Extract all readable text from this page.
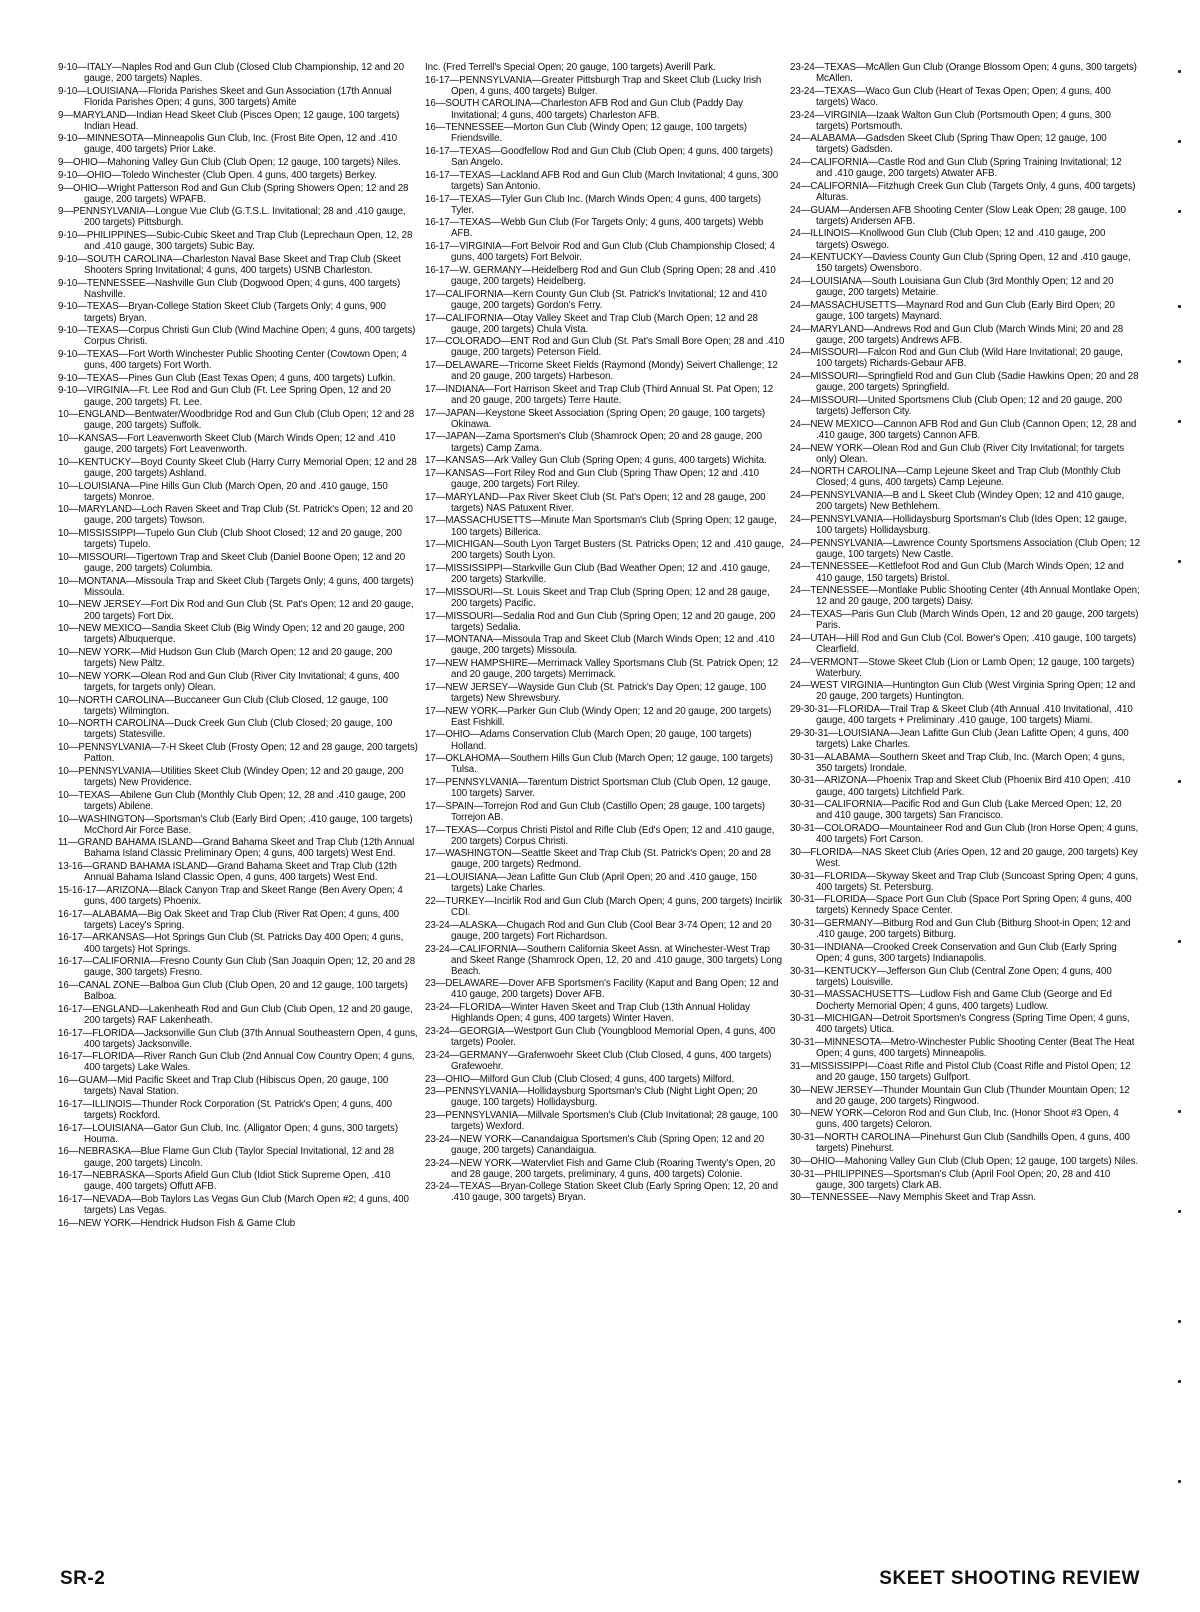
9-10—ITALY—Naples Rod and Gun Club (Closed Club Championship, 12 and 20 gauge, 200 targets) Naples.
9-10—LOUISIANA—Florida Parishes Skeet and Gun Association (17th Annual Florida Parishes Open; 4 guns, 300 targets) Amite
9—MARYLAND—Indian Head Skeet Club (Pisces Open; 12 gauge, 100 targets) Indian Head.
9-10—MINNESOTA—Minneapolis Gun Club, Inc. (Frost Bite Open, 12 and .410 gauge, 400 targets) Prior Lake.
9—OHIO—Mahoning Valley Gun Club (Club Open; 12 gauge, 100 targets) Niles.
9-10—OHIO—Toledo Winchester (Club Open. 4 guns, 400 targets) Berkey.
9—OHIO—Wright Patterson Rod and Gun Club (Spring Showers Open; 12 and 28 gauge, 200 targets) WPAFB.
9—PENNSYLVANIA—Longue Vue Club (G.T.S.L. Invitational; 28 and .410 gauge, 200 targets) Pittsburgh.
9-10—PHILIPPINES—Subic-Cubic Skeet and Trap Club (Leprechaun Open, 12, 28 and .410 gauge, 300 targets) Subic Bay.
9-10—SOUTH CAROLINA—Charleston Naval Base Skeet and Trap Club (Skeet Shooters Spring Invitational; 4 guns, 400 targets) USNB Charleston.
9-10—TENNESSEE—Nashville Gun Club (Dogwood Open; 4 guns, 400 targets) Nashville.
9-10—TEXAS—Bryan-College Station Skeet Club (Targets Only; 4 guns, 900 targets) Bryan.
9-10—TEXAS—Corpus Christi Gun Club (Wind Machine Open; 4 guns, 400 targets) Corpus Christi.
9-10—TEXAS—Fort Worth Winchester Public Shooting Center (Cowtown Open; 4 guns, 400 targets) Fort Worth.
9-10—TEXAS—Pines Gun Club (East Texas Open; 4 guns, 400 targets) Lufkin.
9-10—VIRGINIA—Ft. Lee Rod and Gun Club (Ft. Lee Spring Open, 12 and 20 gauge, 200 targets) Ft. Lee.
10—ENGLAND—Bentwater/Woodbridge Rod and Gun Club (Club Open; 12 and 28 gauge, 200 targets) Suffolk.
10—KANSAS—Fort Leavenworth Skeet Club (March Winds Open; 12 and .410 gauge, 200 targets) Fort Leavenworth.
10—KENTUCKY—Boyd County Skeet Club (Harry Curry Memorial Open; 12 and 28 gauge, 200 targets) Ashland.
10—LOUISIANA—Pine Hills Gun Club (March Open, 20 and .410 gauge, 150 targets) Monroe.
10—MARYLAND—Loch Raven Skeet and Trap Club (St. Patrick's Open; 12 and 20 gauge, 200 targets) Towson.
10—MISSISSIPPI—Tupelo Gun Club (Club Shoot Closed; 12 and 20 gauge, 200 targets) Tupelo.
10—MISSOURI—Tigertown Trap and Skeet Club (Daniel Boone Open; 12 and 20 gauge, 200 targets) Columbia.
10—MONTANA—Missoula Trap and Skeet Club (Targets Only; 4 guns, 400 targets) Missoula.
10—NEW JERSEY—Fort Dix Rod and Gun Club (St. Pat's Open; 12 and 20 gauge, 200 targets) Fort Dix.
10—NEW MEXICO—Sandia Skeet Club (Big Windy Open; 12 and 20 gauge, 200 targets) Albuquerque.
10—NEW YORK—Mid Hudson Gun Club (March Open; 12 and 20 gauge, 200 targets) New Paltz.
10—NEW YORK—Olean Rod and Gun Club (River City Invitational; 4 guns, 400 targets, for targets only) Olean.
10—NORTH CAROLINA—Buccaneer Gun Club (Club Closed, 12 gauge, 100 targets) Wilmington.
10—NORTH CAROLINA—Duck Creek Gun Club (Club Closed; 20 gauge, 100 targets) Statesville.
10—PENNSYLVANIA—7-H Skeet Club (Frosty Open; 12 and 28 gauge, 200 targets) Patton.
10—PENNSYLVANIA—Utilities Skeet Club (Windey Open; 12 and 20 gauge, 200 targets) New Providence.
10—TEXAS—Abilene Gun Club (Monthly Club Open; 12, 28 and .410 gauge, 200 targets) Abilene.
10—WASHINGTON—Sportsman's Club (Early Bird Open; .410 gauge, 100 targets) McChord Air Force Base.
11—GRAND BAHAMA ISLAND—Grand Bahama Skeet and Trap Club (12th Annual Bahama Island Classic Preliminary Open; 4 guns, 400 targets) West End.
13-16—GRAND BAHAMA ISLAND—Grand Bahama Skeet and Trap Club (12th Annual Bahama Island Classic Open, 4 guns, 400 targets) West End.
15-16-17—ARIZONA—Black Canyon Trap and Skeet Range (Ben Avery Open; 4 guns, 400 targets) Phoenix.
16-17—ALABAMA—Big Oak Skeet and Trap Club (River Rat Open; 4 guns, 400 targets) Lacey's Spring.
16-17—ARKANSAS—Hot Springs Gun Club (St. Patricks Day 400 Open; 4 guns, 400 targets) Hot Springs.
16-17—CALIFORNIA—Fresno County Gun Club (San Joaquin Open; 12, 20 and 28 gauge, 300 targets) Fresno.
16—CANAL ZONE—Balboa Gun Club (Club Open, 20 and 12 gauge, 100 targets) Balboa.
16-17—ENGLAND—Lakenheath Rod and Gun Club (Club Open, 12 and 20 gauge, 200 targets) RAF Lakenheath.
16-17—FLORIDA—Jacksonville Gun Club (37th Annual Southeastern Open, 4 guns, 400 targets) Jacksonville.
16-17—FLORIDA—River Ranch Gun Club (2nd Annual Cow Country Open; 4 guns, 400 targets) Lake Wales.
16—GUAM—Mid Pacific Skeet and Trap Club (Hibiscus Open, 20 gauge, 100 targets) Naval Station.
16-17—ILLINOIS—Thunder Rock Corporation (St. Patrick's Open; 4 guns, 400 targets) Rockford.
16-17—LOUISIANA—Gator Gun Club, Inc. (Alligator Open; 4 guns, 300 targets) Houma.
16—NEBRASKA—Blue Flame Gun Club (Taylor Special Invitational, 12 and 28 gauge, 200 targets) Lincoln.
16-17—NEBRASKA—Sports Afield Gun Club (Idiot Stick Supreme Open, .410 gauge, 400 targets) Offutt AFB.
16-17—NEVADA—Bob Taylors Las Vegas Gun Club (March Open #2; 4 guns, 400 targets) Las Vegas.
16—NEW YORK—Hendrick Hudson Fish & Game Club
Inc. (Fred Terrell's Special Open; 20 gauge, 100 targets) Averill Park.
16-17—PENNSYLVANIA—Greater Pittsburgh Trap and Skeet Club (Lucky Irish Open, 4 guns, 400 targets) Bulger.
16—SOUTH CAROLINA—Charleston AFB Rod and Gun Club (Paddy Day Invitational; 4 guns, 400 targets) Charleston AFB.
16—TENNESSEE—Morton Gun Club (Windy Open; 12 gauge, 100 targets) Friendsville.
16-17—TEXAS—Goodfellow Rod and Gun Club (Club Open; 4 guns, 400 targets) San Angelo.
16-17—TEXAS—Lackland AFB Rod and Gun Club (March Invitational; 4 guns, 300 targets) San Antonio.
16-17—TEXAS—Tyler Gun Club Inc. (March Winds Open; 4 guns, 400 targets) Tyler.
16-17—TEXAS—Webb Gun Club (For Targets Only; 4 guns, 400 targets) Webb AFB.
16-17—VIRGINIA—Fort Belvoir Rod and Gun Club (Club Championship Closed; 4 guns, 400 targets) Fort Belvoir.
16-17—W. GERMANY—Heidelberg Rod and Gun Club (Spring Open; 28 and .410 gauge, 200 targets) Heidelberg.
17—CALIFORNIA—Kern County Gun Club (St. Patrick's Invitational; 12 and 410 gauge, 200 targets) Gordon's Ferry.
17—CALIFORNIA—Otay Valley Skeet and Trap Club (March Open; 12 and 28 gauge, 200 targets) Chula Vista.
17—COLORADO—ENT Rod and Gun Club (St. Pat's Small Bore Open; 28 and .410 gauge, 200 targets) Peterson Field.
17—DELAWARE—Tricorne Skeet Fields (Raymond (Mondy) Seivert Challenge; 12 and 20 gauge, 200 targets) Harbeson.
17—INDIANA—Fort Harrison Skeet and Trap Club (Third Annual St. Pat Open; 12 and 20 gauge, 200 targets) Terre Haute.
17—JAPAN—Keystone Skeet Association (Spring Open; 20 gauge, 100 targets) Okinawa.
17—JAPAN—Zama Sportsmen's Club (Shamrock Open; 20 and 28 gauge, 200 targets) Camp Zama.
17—KANSAS—Ark Valley Gun Club (Spring Open; 4 guns, 400 targets) Wichita.
17—KANSAS—Fort Riley Rod and Gun Club (Spring Thaw Open; 12 and .410 gauge, 200 targets) Fort Riley.
17—MARYLAND—Pax River Skeet Club (St. Pat's Open; 12 and 28 gauge, 200 targets) NAS Patuxent River.
17—MASSACHUSETTS—Minute Man Sportsman's Club (Spring Open; 12 gauge, 100 targets) Billerica.
17—MICHIGAN—South Lyon Target Busters (St. Patricks Open; 12 and .410 gauge, 200 targets) South Lyon.
17—MISSISSIPPI—Starkville Gun Club (Bad Weather Open; 12 and .410 gauge, 200 targets) Starkville.
17—MISSOURI—St. Louis Skeet and Trap Club (Spring Open; 12 and 28 gauge, 200 targets) Pacific.
17—MISSOURI—Sedalia Rod and Gun Club (Spring Open; 12 and 20 gauge, 200 targets) Sedalia.
17—MONTANA—Missoula Trap and Skeet Club (March Winds Open; 12 and .410 gauge, 200 targets) Missoula.
17—NEW HAMPSHIRE—Merrimack Valley Sportsmans Club (St. Patrick Open; 12 and 20 gauge, 200 targets) Merrimack.
17—NEW JERSEY—Wayside Gun Club (St. Patrick's Day Open; 12 gauge, 100 targets) New Shrewsbury.
17—NEW YORK—Parker Gun Club (Windy Open; 12 and 20 gauge, 200 targets) East Fishkill.
17—OHIO—Adams Conservation Club (March Open; 20 gauge, 100 targets) Holland.
17—OKLAHOMA—Southern Hills Gun Club (March Open; 12 gauge, 100 targets) Tulsa.
17—PENNSYLVANIA—Tarentum District Sportsman Club (Club Open, 12 gauge, 100 targets) Sarver.
17—SPAIN—Torrejon Rod and Gun Club (Castillo Open; 28 gauge, 100 targets) Torrejon AB.
17—TEXAS—Corpus Christi Pistol and Rifle Club (Ed's Open; 12 and .410 gauge, 200 targets) Corpus Christi.
17—WASHINGTON—Seattle Skeet and Trap Club (St. Patrick's Open; 20 and 28 gauge, 200 targets) Redmond.
21—LOUISIANA—Jean Lafitte Gun Club (April Open; 20 and .410 gauge, 150 targets) Lake Charles.
22—TURKEY—Incirlik Rod and Gun Club (March Open; 4 guns, 200 targets) Incirlik CDI.
23-24—ALASKA—Chugach Rod and Gun Club (Cool Bear 3-74 Open; 12 and 20 gauge, 200 targets) Fort Richardson.
23-24—CALIFORNIA—Southern California Skeet Assn. at Winchester-West Trap and Skeet Range (Shamrock Open, 12, 20 and .410 gauge, 300 targets) Long Beach.
23—DELAWARE—Dover AFB Sportsmen's Facility (Kaput and Bang Open; 12 and 410 gauge, 200 targets) Dover AFB.
23-24—FLORIDA—Winter Haven Skeet and Trap Club (13th Annual Holiday Highlands Open; 4 guns, 400 targets) Winter Haven.
23-24—GEORGIA—Westport Gun Club (Youngblood Memorial Open, 4 guns, 400 targets) Pooler.
23-24—GERMANY—Grafenwoehr Skeet Club (Club Closed, 4 guns, 400 targets) Grafewoehr.
23—OHIO—Milford Gun Club (Club Closed; 4 guns, 400 targets) Milford.
23—PENNSYLVANIA—Hollidaysburg Sportsman's Club (Night Light Open; 20 gauge, 100 targets) Hollidaysburg.
23—PENNSYLVANIA—Millvale Sportsmen's Club (Club Invitational; 28 gauge, 100 targets) Wexford.
23-24—NEW YORK—Canandaigua Sportsmen's Club (Spring Open; 12 and 20 gauge, 200 targets) Canandaigua.
23-24—NEW YORK—Watervliet Fish and Game Club (Roaring Twenty's Open, 20 and 28 gauge, 200 targets, preliminary, 4 guns, 400 targets) Colonie.
23-24—TEXAS—Bryan-College Station Skeet Club (Early Spring Open; 12, 20 and .410 gauge, 300 targets) Bryan.
23-24—TEXAS—McAllen Gun Club (Orange Blossom Open; 4 guns, 300 targets) McAllen.
23-24—TEXAS—Waco Gun Club (Heart of Texas Open; Open; 4 guns, 400 targets) Waco.
23-24—VIRGINIA—Izaak Walton Gun Club (Portsmouth Open; 4 guns, 300 targets) Portsmouth.
24—ALABAMA—Gadsden Skeet Club (Spring Thaw Open; 12 gauge, 100 targets) Gadsden.
24—CALIFORNIA—Castle Rod and Gun Club (Spring Training Invitational; 12 and .410 gauge, 200 targets) Atwater AFB.
24—CALIFORNIA—Fitzhugh Creek Gun Club (Targets Only, 4 guns, 400 targets) Alturas.
24—GUAM—Andersen AFB Shooting Center (Slow Leak Open; 28 gauge, 100 targets) Andersen AFB.
24—ILLINOIS—Knollwood Gun Club (Club Open; 12 and .410 gauge, 200 targets) Oswego.
24—KENTUCKY—Daviess County Gun Club (Spring Open, 12 and .410 gauge, 150 targets) Owensboro.
24—LOUISIANA—South Louisiana Gun Club (3rd Monthly Open; 12 and 20 gauge, 200 targets) Metairie.
24—MASSACHUSETTS—Maynard Rod and Gun Club (Early Bird Open; 20 gauge, 100 targets) Maynard.
24—MARYLAND—Andrews Rod and Gun Club (March Winds Mini; 20 and 28 gauge, 200 targets) Andrews AFB.
24—MISSOURI—Falcon Rod and Gun Club (Wild Hare Invitational; 20 gauge, 100 targets) Richards-Gebaur AFB.
24—MISSOURI—Springfield Rod and Gun Club (Sadie Hawkins Open; 20 and 28 gauge, 200 targets) Springfield.
24—MISSOURI—United Sportsmens Club (Club Open; 12 and 20 gauge, 200 targets) Jefferson City.
24—NEW MEXICO—Cannon AFB Rod and Gun Club (Cannon Open; 12, 28 and .410 gauge, 300 targets) Cannon AFB.
24—NEW YORK—Olean Rod and Gun Club (River City Invitational; for targets only) Olean.
24—NORTH CAROLINA—Camp Lejeune Skeet and Trap Club (Monthly Club Closed; 4 guns, 400 targets) Camp Lejeune.
24—PENNSYLVANIA—B and L Skeet Club (Windey Open; 12 and 410 gauge, 200 targets) New Bethlehem.
24—PENNSYLVANIA—Hollidaysburg Sportsman's Club (Ides Open; 12 gauge, 100 targets) Hollidaysburg.
24—PENNSYLVANIA—Lawrence County Sportsmens Association (Club Open; 12 gauge, 100 targets) New Castle.
24—TENNESSEE—Kettlefoot Rod and Gun Club (March Winds Open; 12 and 410 gauge, 150 targets) Bristol.
24—TENNESSEE—Montlake Public Shooting Center (4th Annual Montlake Open; 12 and 20 gauge, 200 targets) Daisy.
24—TEXAS—Paris Gun Club (March Winds Open, 12 and 20 gauge, 200 targets) Paris.
24—UTAH—Hill Rod and Gun Club (Col. Bower's Open; .410 gauge, 100 targets) Clearfield.
24—VERMONT—Stowe Skeet Club (Lion or Lamb Open; 12 gauge, 100 targets) Waterbury.
24—WEST VIRGINIA—Huntington Gun Club (West Virginia Spring Open; 12 and 20 gauge, 200 targets) Huntington.
29-30-31—FLORIDA—Trail Trap & Skeet Club (4th Annual .410 Invitational, .410 gauge, 400 targets + Preliminary .410 gauge, 100 targets) Miami.
29-30-31—LOUISIANA—Jean Lafitte Gun Club (Jean Lafitte Open; 4 guns, 400 targets) Lake Charles.
30-31—ALABAMA—Southern Skeet and Trap Club, Inc. (March Open; 4 guns, 350 targets) Irondale.
30-31—ARIZONA—Phoenix Trap and Skeet Club (Phoenix Bird 410 Open; .410 gauge, 400 targets) Litchfield Park.
30-31—CALIFORNIA—Pacific Rod and Gun Club (Lake Merced Open; 12, 20 and 410 gauge, 300 targets) San Francisco.
30-31—COLORADO—Mountaineer Rod and Gun Club (Iron Horse Open; 4 guns, 400 targets) Fort Carson.
30—FLORIDA—NAS Skeet Club (Aries Open, 12 and 20 gauge, 200 targets) Key West.
30-31—FLORIDA—Skyway Skeet and Trap Club (Suncoast Spring Open; 4 guns, 400 targets) St. Petersburg.
30-31—FLORIDA—Space Port Gun Club (Space Port Spring Open; 4 guns, 400 targets) Kennedy Space Center.
30-31—GERMANY—Bitburg Rod and Gun Club (Bitburg Shoot-in Open; 12 and .410 gauge, 200 targets) Bitburg.
30-31—INDIANA—Crooked Creek Conservation and Gun Club (Early Spring Open; 4 guns, 300 targets) Indianapolis.
30-31—KENTUCKY—Jefferson Gun Club (Central Zone Open; 4 guns, 400 targets) Louisville.
30-31—MASSACHUSETTS—Ludlow Fish and Game Club (George and Ed Docherty Memorial Open; 4 guns, 400 targets) Ludlow.
30-31—MICHIGAN—Detroit Sportsmen's Congress (Spring Time Open; 4 guns, 400 targets) Utica.
30-31—MINNESOTA—Metro-Winchester Public Shooting Center (Beat The Heat Open; 4 guns, 400 targets) Minneapolis.
31—MISSISSIPPI—Coast Rifle and Pistol Club (Coast Rifle and Pistol Open; 12 and 20 gauge, 150 targets) Gulfport.
30—NEW JERSEY—Thunder Mountain Gun Club (Thunder Mountain Open; 12 and 20 gauge, 200 targets) Ringwood.
30—NEW YORK—Celoron Rod and Gun Club, Inc. (Honor Shoot #3 Open, 4 guns, 400 targets) Celoron.
30-31—NORTH CAROLINA—Pinehurst Gun Club (Sandhills Open, 4 guns, 400 targets) Pinehurst.
30—OHIO—Mahoning Valley Gun Club (Club Open; 12 gauge, 100 targets) Niles.
30-31—PHILIPPINES—Sportsman's Club (April Fool Open; 20, 28 and 410 gauge, 300 targets) Clark AB.
30—TENNESSEE—Navy Memphis Skeet and Trap Assn.
SR-2	SKEET SHOOTING REVIEW
